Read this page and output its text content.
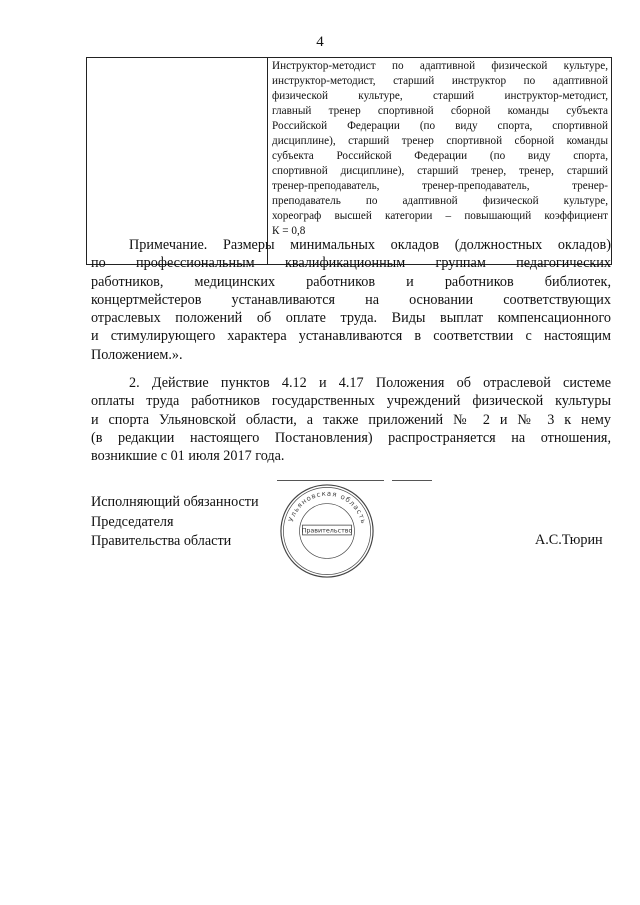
4

Инструктор-методист по адаптивной физической культуре,
инструктор-методист, старший инструктор по адаптивной
физической культуре, старший инструктор-методист,
главный тренер спортивной сборной команды субъекта
Российской Федерации (по виду спорта, спортивной
дисциплине), старший тренер спортивной сборной команды
субъекта Российской Федерации (по виду спорта,
спортивной дисциплине), старший тренер, тренер, старший
тренер-преподаватель, тренер-преподаватель, тренер-
преподаватель по адаптивной физической культуре,
хореограф высшей категории – повышающий коэффициент
К = 0,8
Примечание. Размеры минимальных окладов (должностных окладов)
по профессиональным квалификационным группам педагогических
работников, медицинских работников и работников библиотек,
концертмейстеров устанавливаются на основании соответствующих
отраслевых положений об оплате труда. Виды выплат компенсационного
и стимулирующего характера устанавливаются в соответствии с настоящим
Положением.».
2. Действие пунктов 4.12 и 4.17 Положения об отраслевой системе
оплаты труда работников государственных учреждений физической культуры
и спорта Ульяновской области, а также приложений № 2 и № 3 к нему
(в редакции настоящего Постановления) распространяется на отношения,
возникшие с 01 июля 2017 года.
Исполняющий обязанности
Председателя
Правительства области
Ульяновская область
Правительство
А.С.Тюрин
